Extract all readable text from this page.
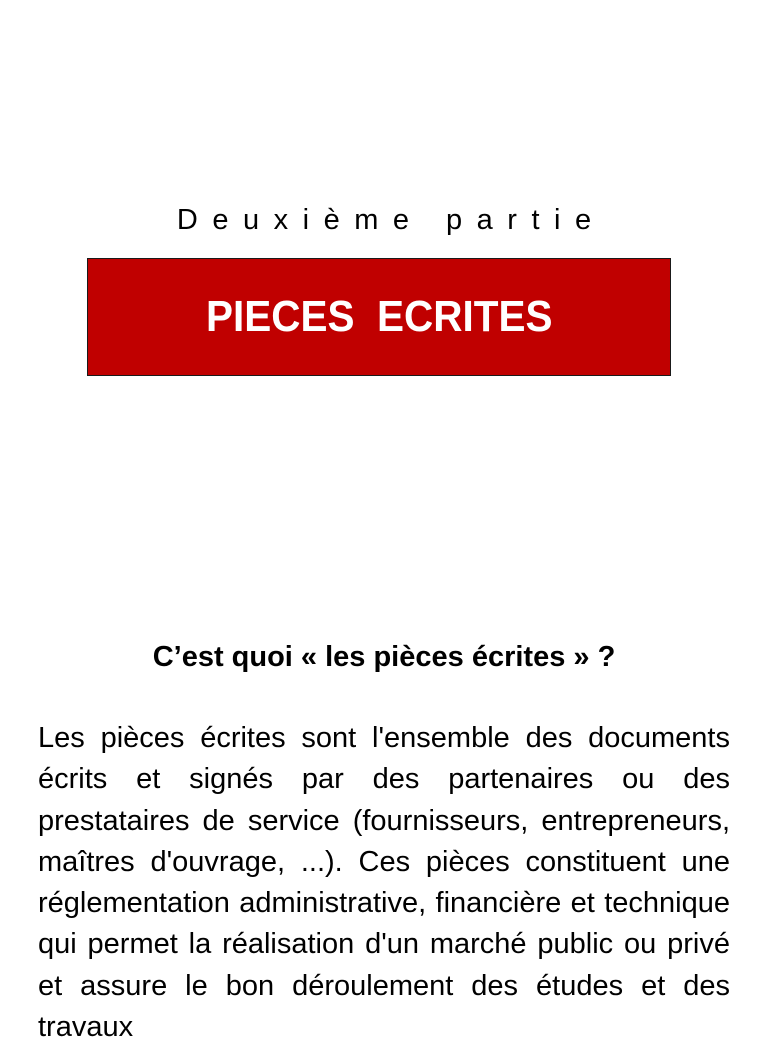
Deuxième partie
PIECES  ECRITES
C’est quoi « les pièces écrites » ?

Les pièces écrites sont l'ensemble des documents écrits et signés par des partenaires ou des prestataires de service (fournisseurs, entrepreneurs, maîtres d'ouvrage, ...). Ces pièces constituent une réglementation administrative, financière et technique qui permet la réalisation d'un marché public ou privé et assure le bon déroulement des études et des travaux
